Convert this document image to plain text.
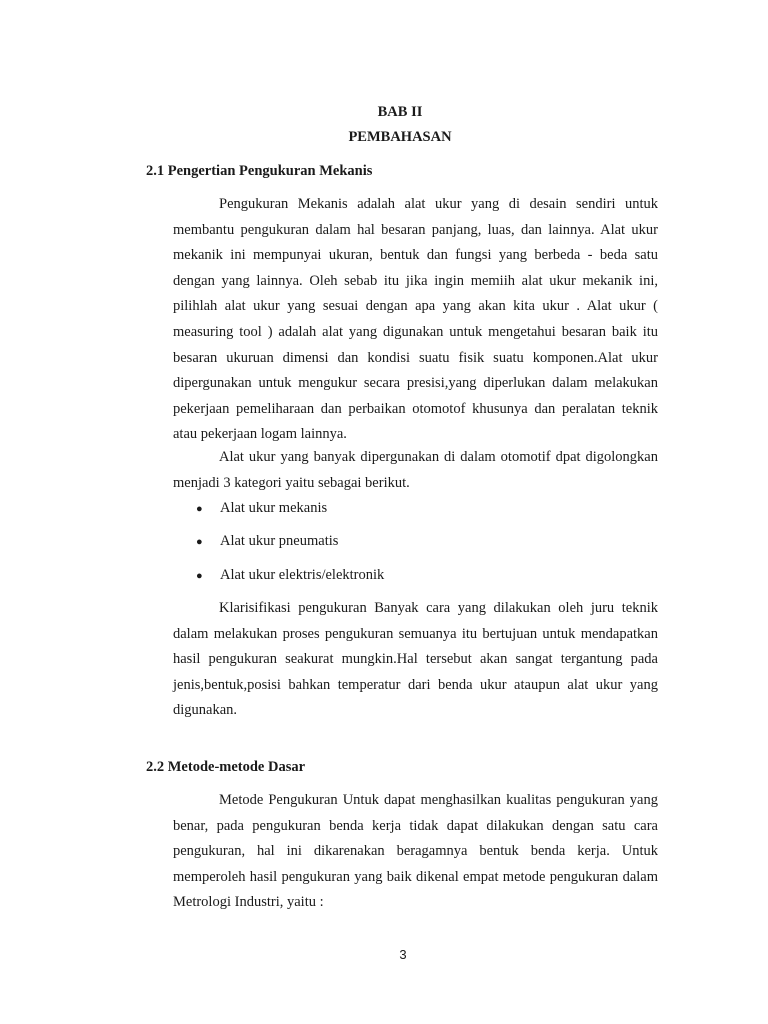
BAB II
PEMBAHASAN
2.1 Pengertian Pengukuran Mekanis

Pengukuran Mekanis adalah alat ukur yang di desain sendiri untuk membantu pengukuran dalam hal besaran panjang, luas, dan lainnya. Alat ukur mekanik ini mempunyai ukuran, bentuk dan fungsi yang berbeda - beda satu dengan yang lainnya. Oleh sebab itu jika ingin memiih alat ukur mekanik ini, pilihlah alat ukur yang sesuai dengan apa yang akan kita ukur . Alat ukur ( measuring tool ) adalah alat yang digunakan untuk mengetahui besaran baik itu besaran ukuruan dimensi dan kondisi suatu fisik suatu komponen.Alat ukur dipergunakan untuk mengukur secara presisi,yang diperlukan dalam melakukan pekerjaan pemeliharaan dan perbaikan otomotof khusunya dan peralatan teknik atau pekerjaan logam lainnya.

Alat ukur yang banyak dipergunakan di dalam otomotif dpat digolongkan menjadi 3 kategori yaitu sebagai berikut.

● Alat ukur mekanis
● Alat ukur pneumatis
● Alat ukur elektris/elektronik

Klarisifikasi pengukuran Banyak cara yang dilakukan oleh juru teknik dalam melakukan proses pengukuran semuanya itu bertujuan untuk mendapatkan hasil pengukuran seakurat mungkin.Hal tersebut akan sangat tergantung pada jenis,bentuk,posisi bahkan temperatur dari benda ukur ataupun alat ukur yang digunakan.

2.2 Metode-metode Dasar

Metode Pengukuran Untuk dapat menghasilkan kualitas pengukuran yang benar, pada pengukuran benda kerja tidak dapat dilakukan dengan satu cara pengukuran, hal ini dikarenakan beragamnya bentuk benda kerja. Untuk memperoleh hasil pengukuran yang baik dikenal empat metode pengukuran dalam Metrologi Industri, yaitu :

3
